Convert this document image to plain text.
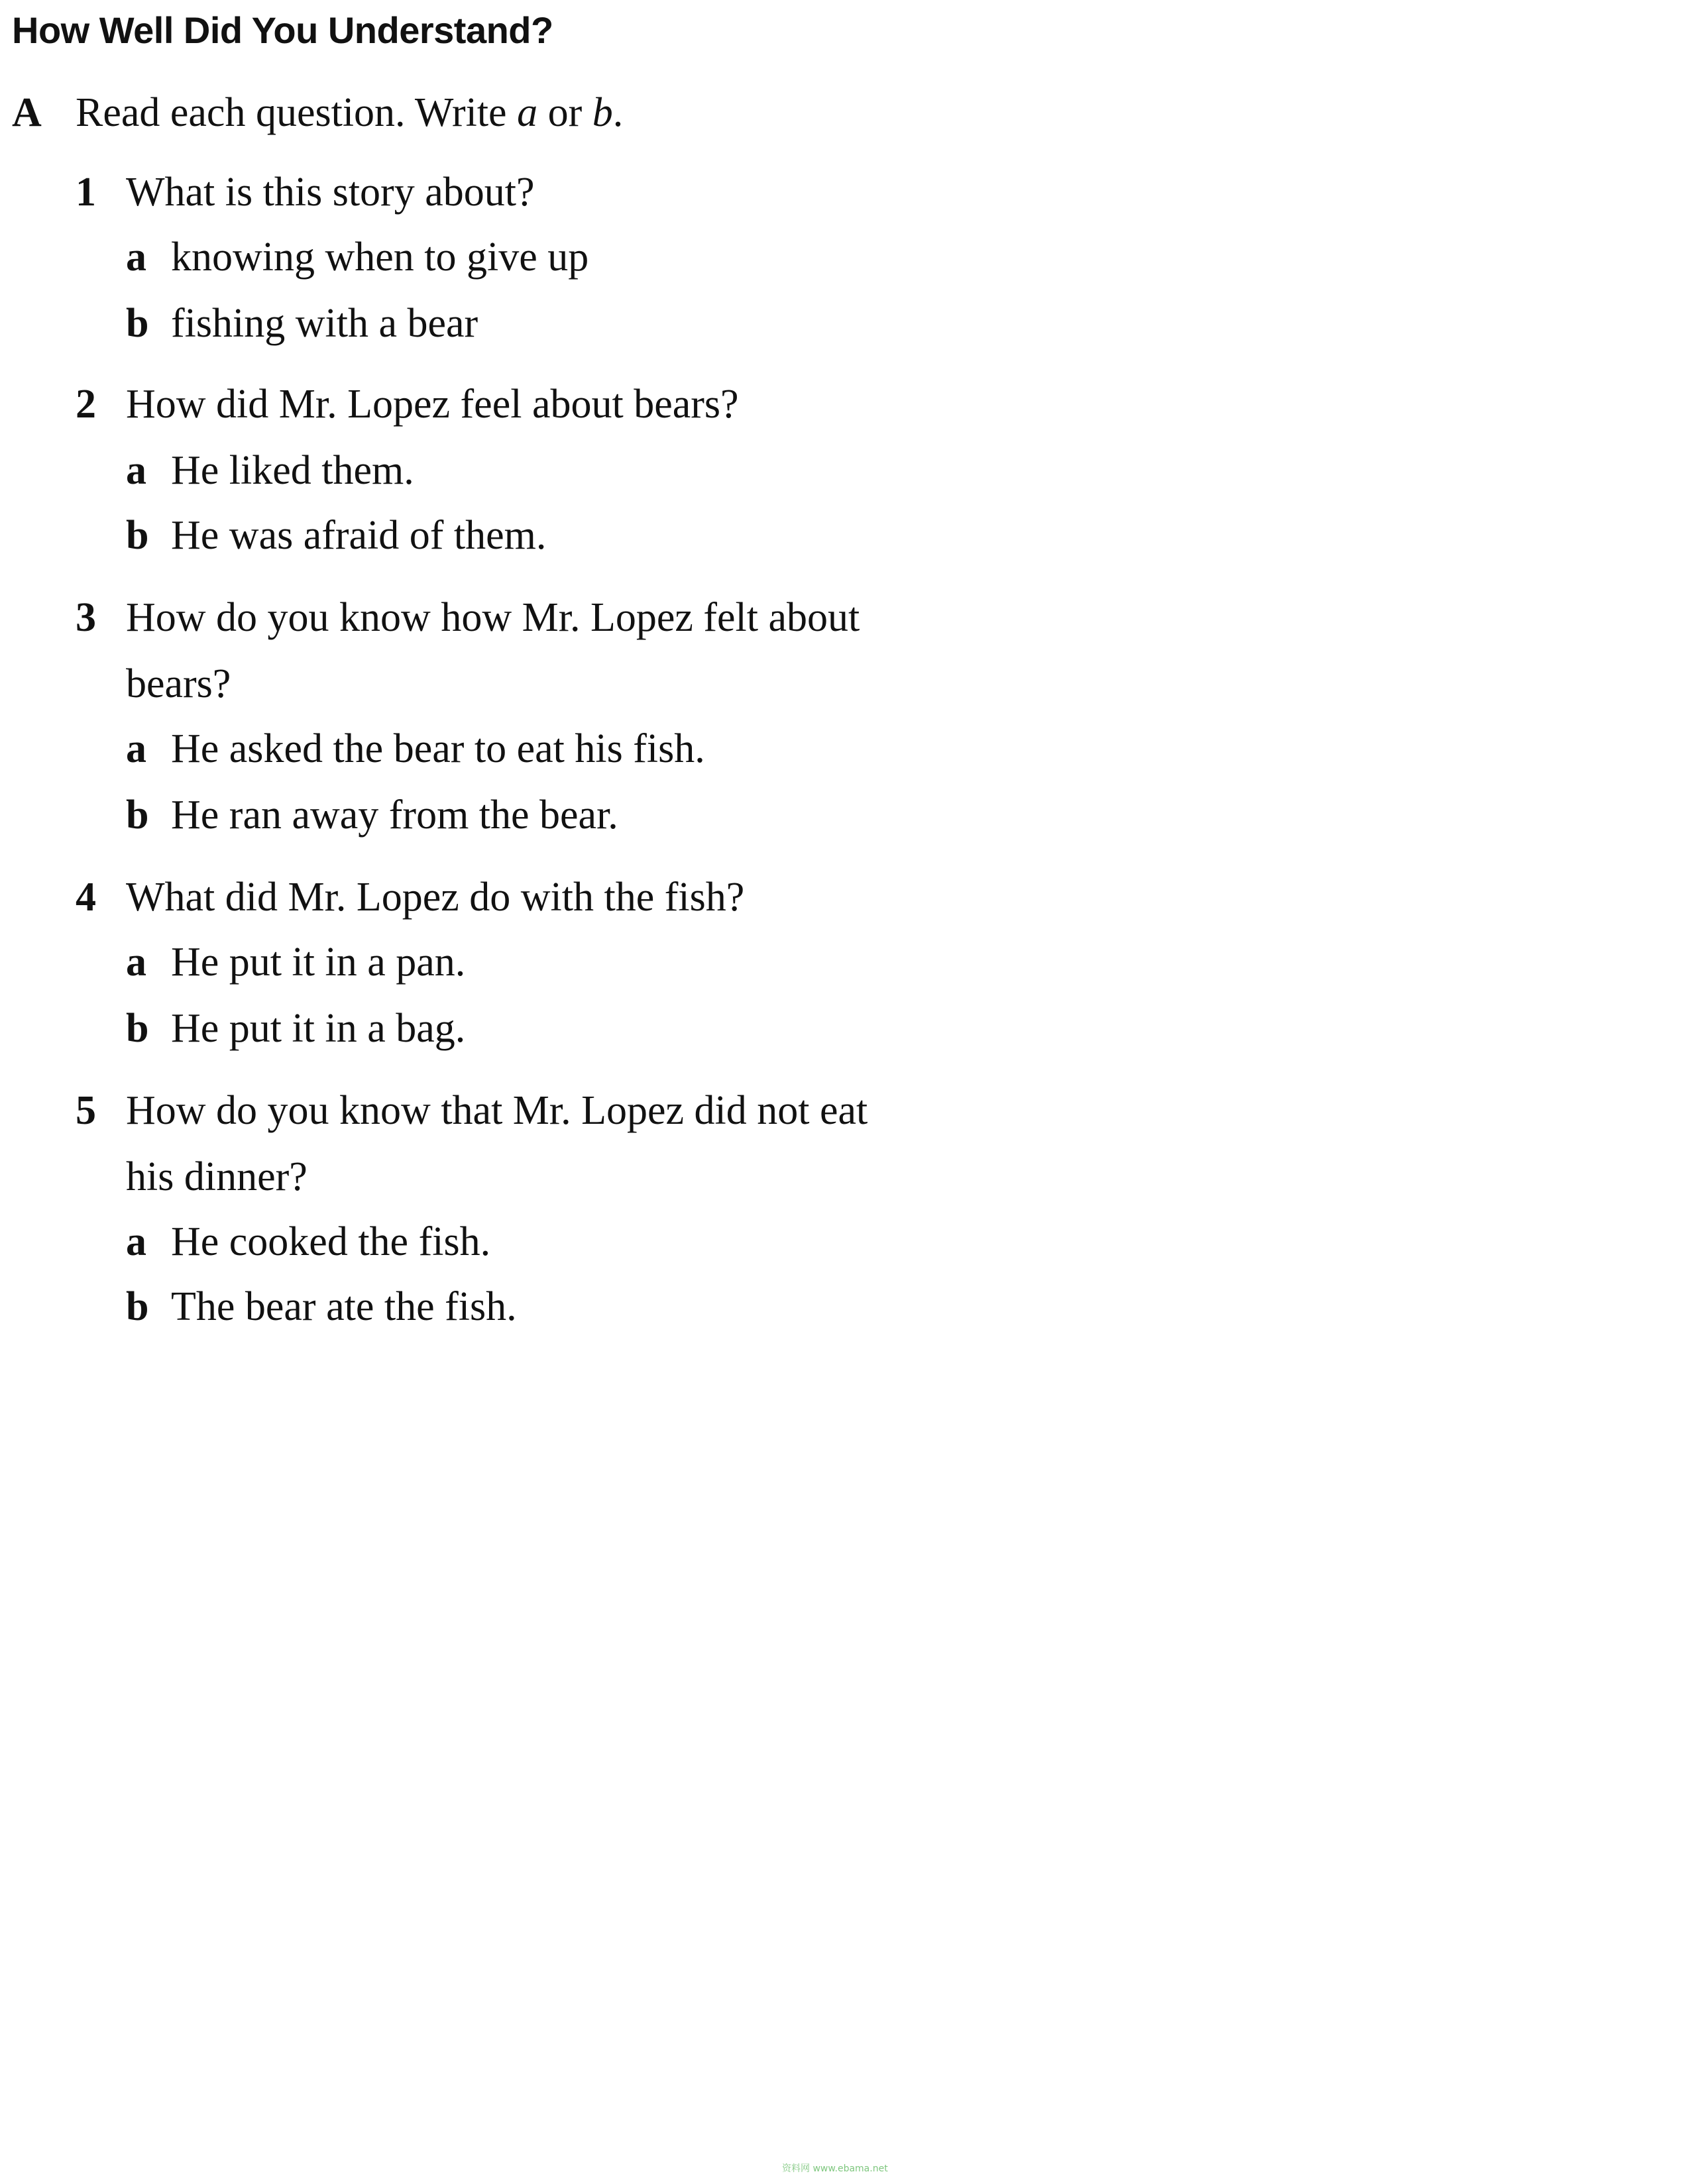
How Well Did You Understand?
A Read each question. Write a or b.
1 What is this story about?
a knowing when to give up
b fishing with a bear
2 How did Mr. Lopez feel about bears?
a He liked them.
b He was afraid of them.
3 How do you know how Mr. Lopez felt about
bears?
a He asked the bear to eat his fish.
b He ran away from the bear.
4 What did Mr. Lopez do with the fish?
a He put it in a pan.
b He put it in a bag.
5 How do you know that Mr. Lopez did not eat
his dinner?
a He cooked the fish.
b The bear ate the fish.
资料网 www.ebama.net
